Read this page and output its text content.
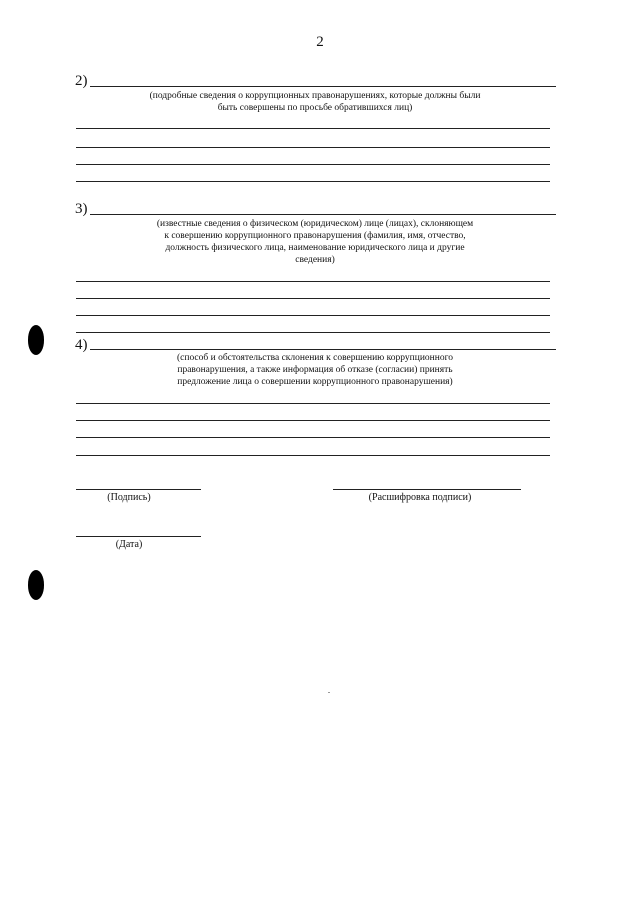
2
2)
(подробные сведения о коррупционных правонарушениях, которые должны были
быть совершены по просьбе обратившихся лиц)
3)
(известные сведения о физическом (юридическом) лице (лицах), склоняющем
к совершению коррупционного правонарушения (фамилия, имя, отчество,
должность физического лица, наименование юридического лица и другие
сведения)
4)
(способ и обстоятельства склонения к совершению коррупционного
правонарушения, а также информация об отказе (согласии) принять
предложение лица о совершении коррупционного правонарушения)
(Подпись)	(Расшифровка подписи)
(Дата)
